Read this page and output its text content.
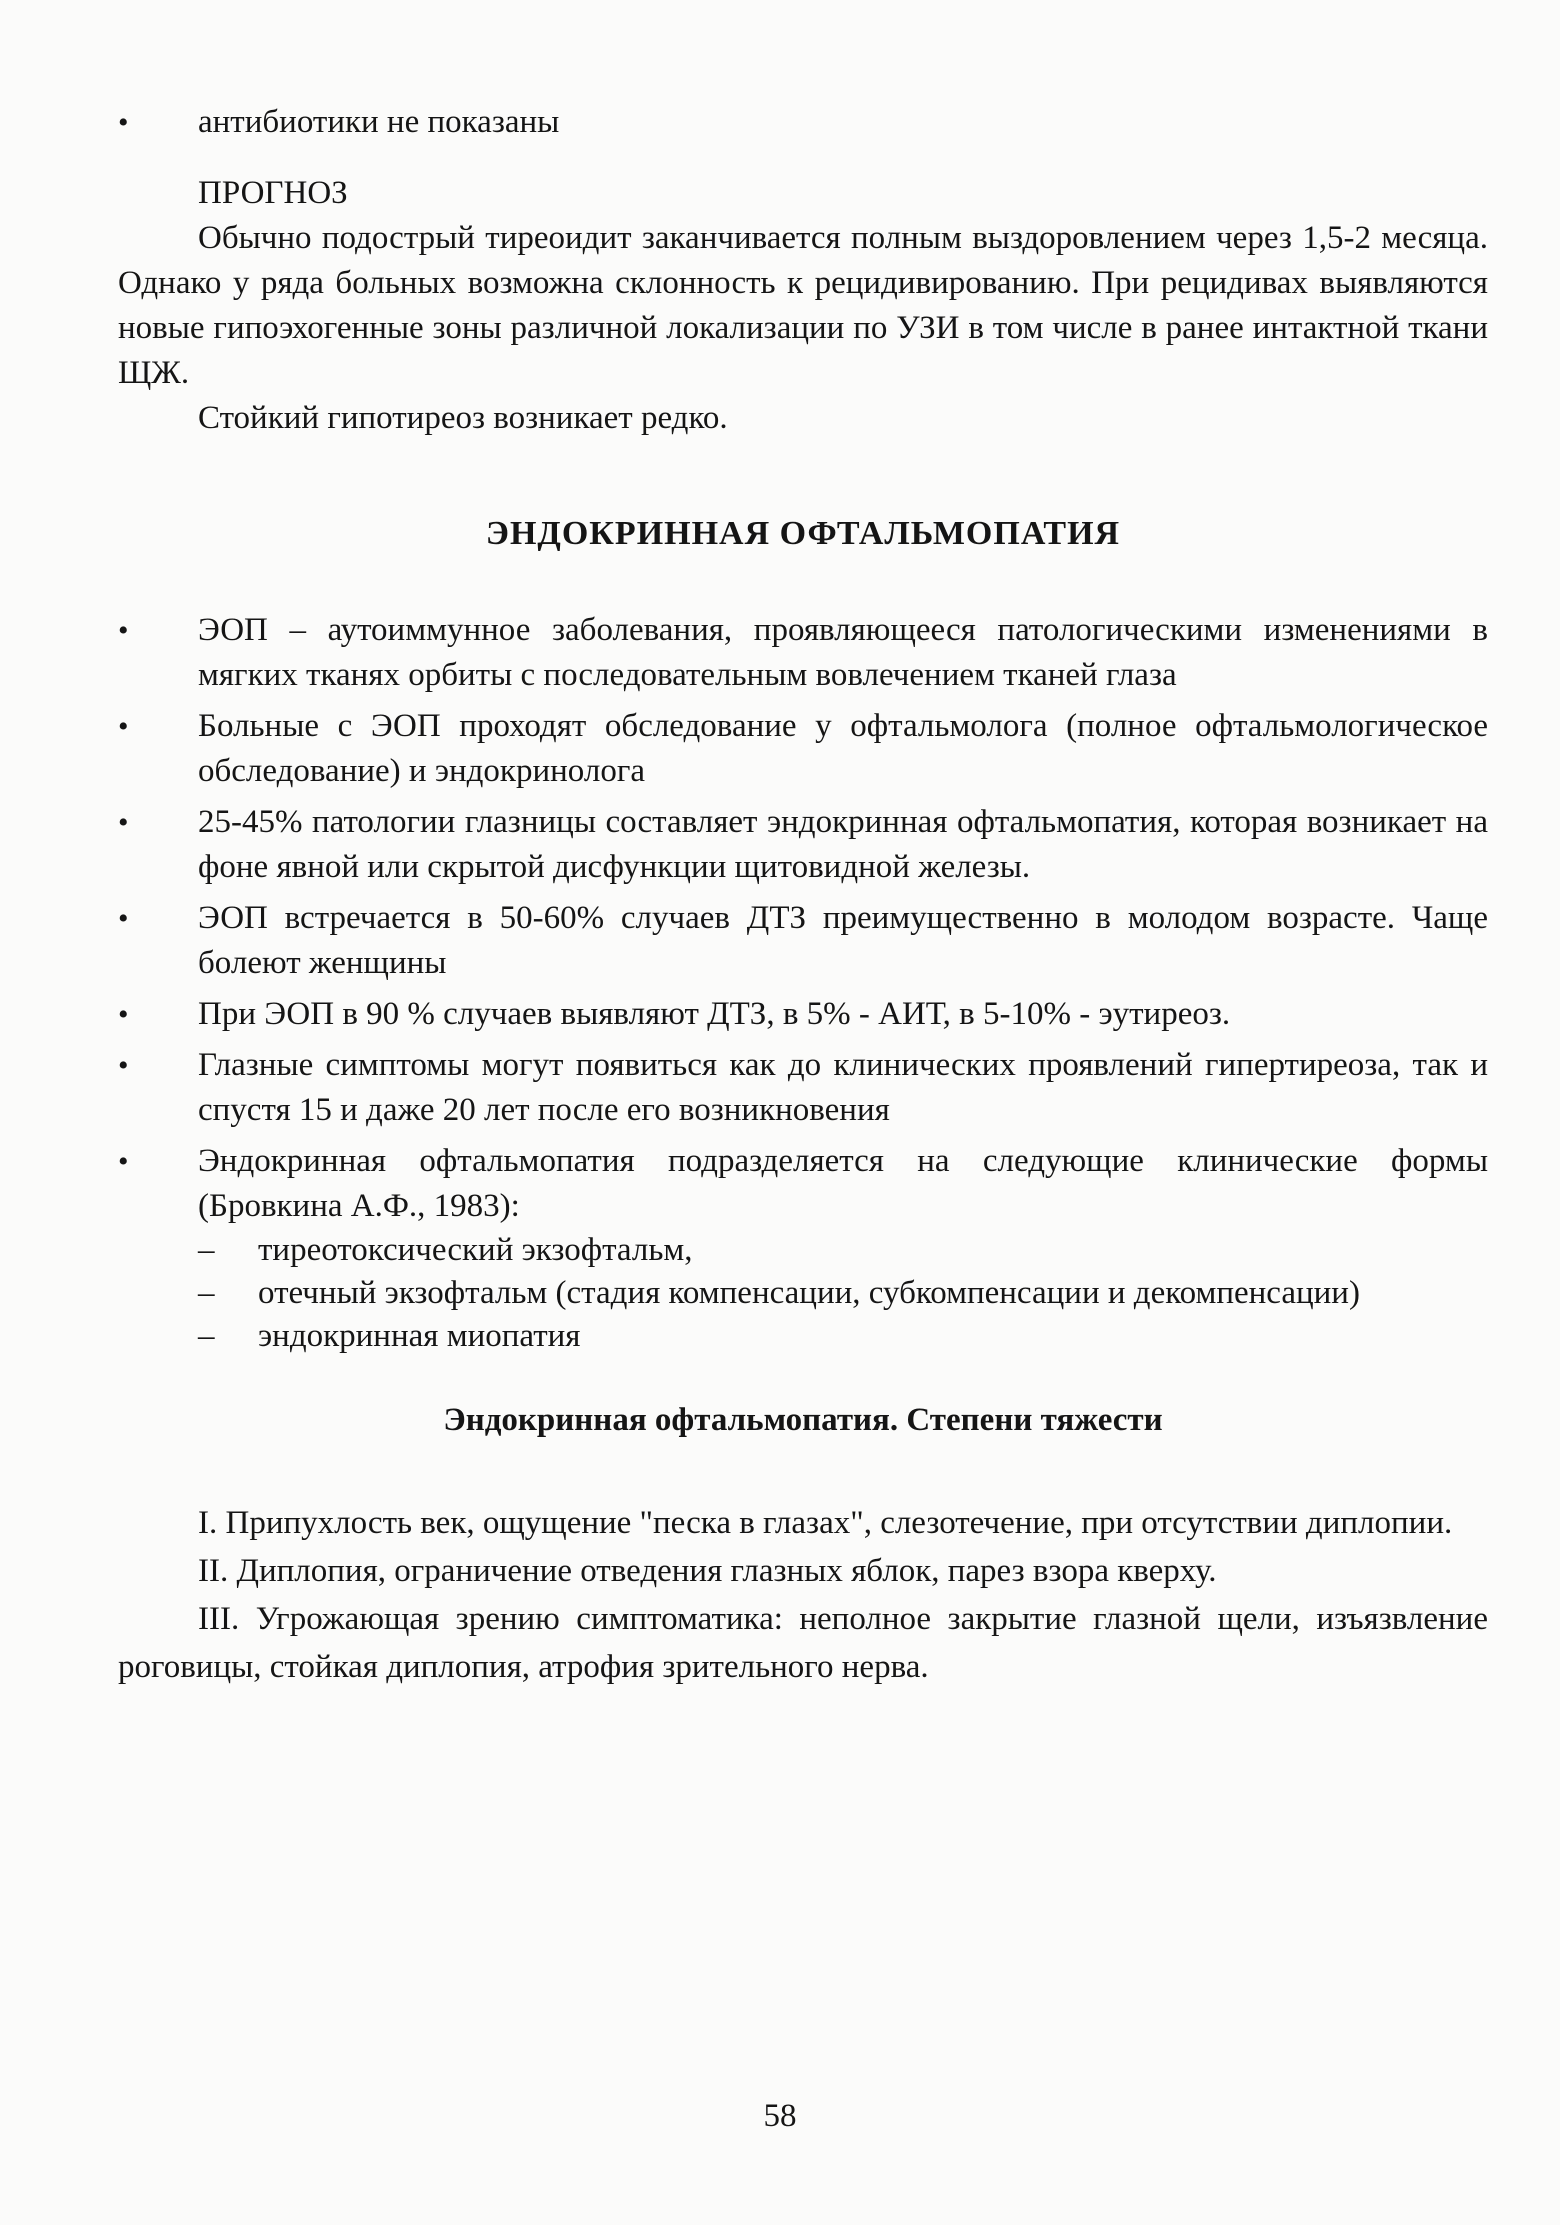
• антибиотики не показаны
ПРОГНОЗ

Обычно подострый тиреоидит заканчивается полным выздоровлением через 1,5-2 месяца. Однако у ряда больных возможна склонность к рецидивированию. При рецидивах выявляются новые гипоэхогенные зоны различной локализации по УЗИ в том числе в ранее интактной ткани ЩЖ.

Стойкий гипотиреоз возникает редко.

ЭНДОКРИННАЯ ОФТАЛЬМОПАТИЯ
• ЭОП – аутоиммунное заболевания, проявляющееся патологическими изменениями в мягких тканях орбиты с последовательным вовлечением тканей глаза
• Больные с ЭОП проходят обследование у офтальмолога (полное офтальмологическое обследование) и эндокринолога
• 25-45% патологии глазницы составляет эндокринная офтальмопатия, которая возникает на фоне явной или скрытой дисфункции щитовидной железы.
• ЭОП встречается в 50-60% случаев ДТЗ преимущественно в молодом возрасте. Чаще болеют женщины
• При ЭОП в 90 % случаев выявляют ДТЗ, в 5% - АИТ, в 5-10% - эутиреоз.
• Глазные симптомы могут появиться как до клинических проявлений гипертиреоза, так и спустя 15 и даже 20 лет после его возникновения
• Эндокринная офтальмопатия подразделяется на следующие клинические формы (Бровкина А.Ф., 1983):
– тиреотоксический экзофтальм,
– отечный экзофтальм (стадия компенсации, субкомпенсации и декомпенсации)
– эндокринная миопатия
Эндокринная офтальмопатия. Степени тяжести

I. Припухлость век, ощущение "песка в глазах", слезотечение, при отсутствии диплопии.

II. Диплопия, ограничение отведения глазных яблок, парез взора кверху.

III. Угрожающая зрению симптоматика: неполное закрытие глазной щели, изъязвление роговицы, стойкая диплопия, атрофия зрительного нерва.

58
